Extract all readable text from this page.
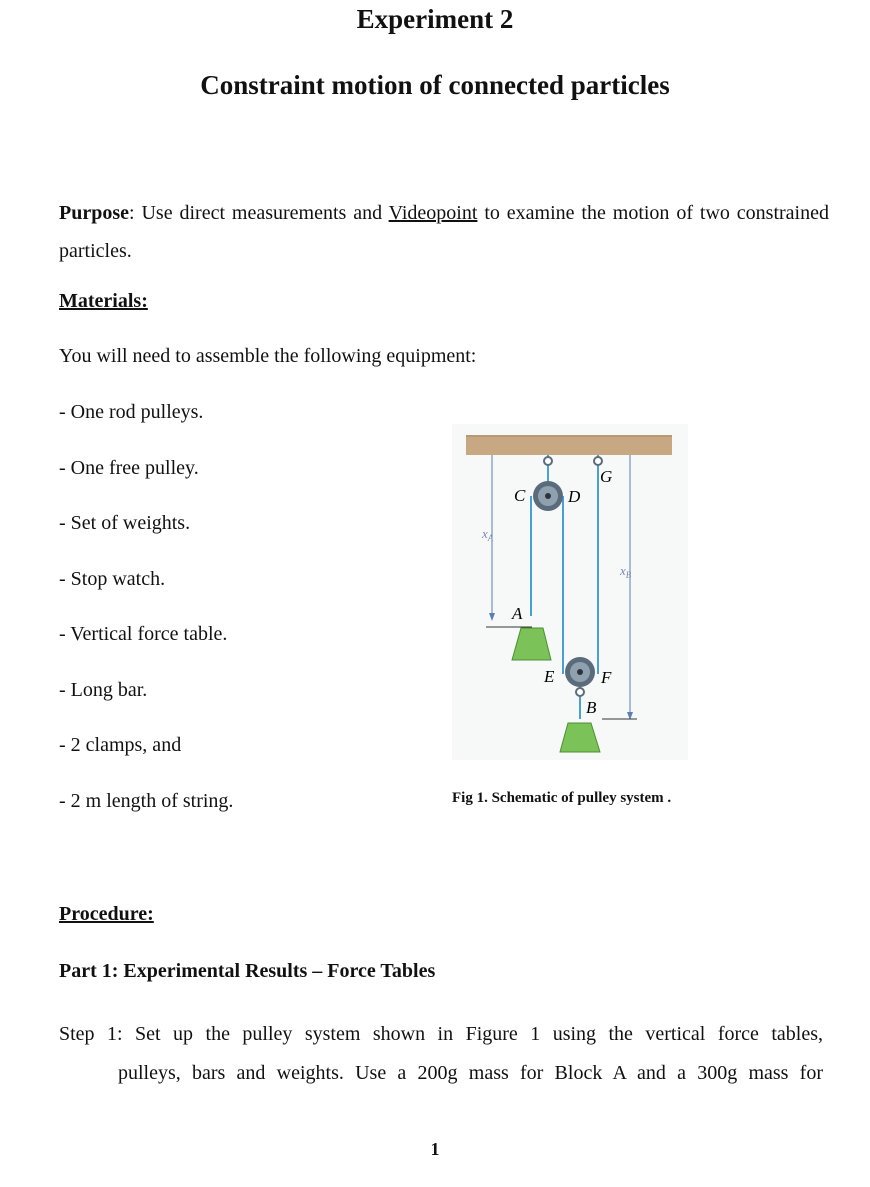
Experiment 2
Constraint motion of connected particles
Purpose: Use direct measurements and Videopoint to examine the motion of two constrained particles.
Materials:
You will need to assemble the following equipment:
- One rod pulleys.
- One free pulley.
- Set of weights.
- Stop watch.
- Vertical force table.
- Long bar.
- 2 clamps, and
- 2 m length of string.
C	D
G
A
E	F
B
$x_A$
$x_B$
Fig 1. Schematic of pulley system .
Procedure:
Part 1: Experimental Results – Force Tables
Step 1: Set up the pulley system shown in Figure 1 using the vertical force tables,
pulleys, bars and weights. Use a 200g mass for Block A and a 300g mass for
1
